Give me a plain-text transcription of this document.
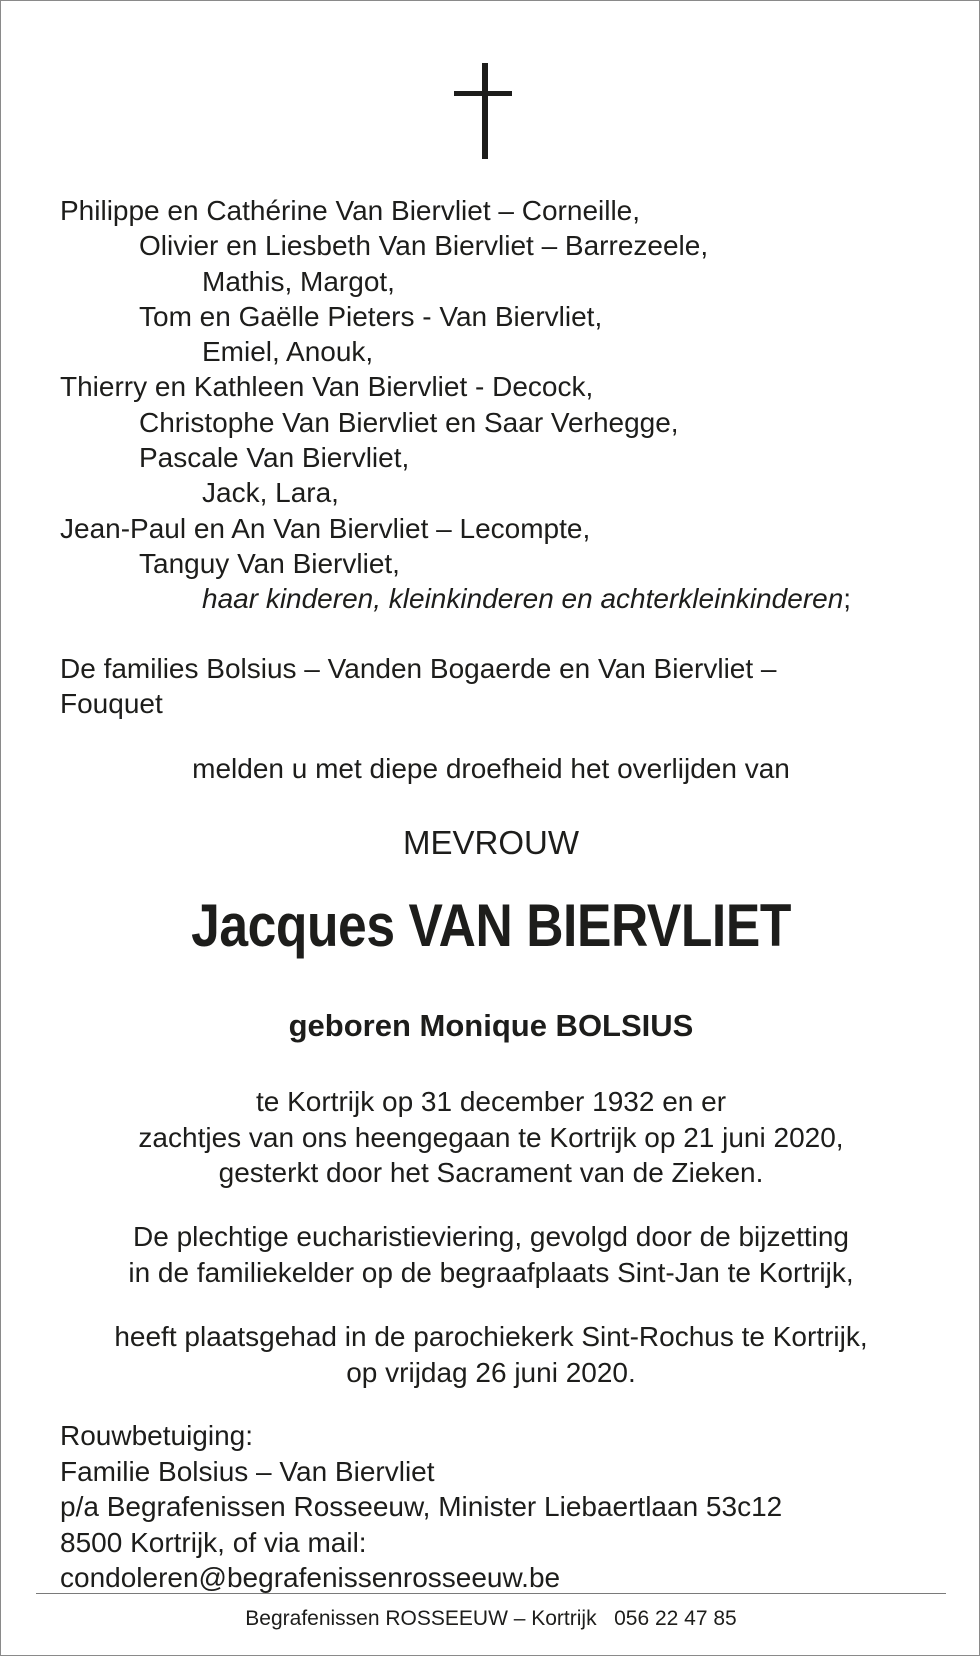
Philippe en Cathérine Van Biervliet – Corneille,
Olivier en Liesbeth Van Biervliet – Barrezeele,
Mathis, Margot,
Tom en Gaëlle Pieters - Van Biervliet,
Emiel, Anouk,
Thierry en Kathleen Van Biervliet - Decock,
Christophe Van Biervliet en Saar Verhegge,
Pascale Van Biervliet,
Jack, Lara,
Jean-Paul en An Van Biervliet – Lecompte,
Tanguy Van Biervliet,
haar kinderen, kleinkinderen en achterkleinkinderen;
De families Bolsius – Vanden Bogaerde en Van Biervliet – Fouquet
melden u met diepe droefheid het overlijden van
MEVROUW
Jacques VAN BIERVLIET
geboren Monique BOLSIUS
te Kortrijk op 31 december 1932 en er
zachtjes van ons heengegaan te Kortrijk op 21 juni 2020,
gesterkt door het Sacrament van de Zieken.
De plechtige eucharistieviering, gevolgd door de bijzetting
in de familiekelder op de begraafplaats Sint-Jan te Kortrijk,
heeft plaatsgehad in de parochiekerk Sint-Rochus te Kortrijk,
op vrijdag 26 juni 2020.
Rouwbetuiging:
Familie Bolsius – Van Biervliet
p/a Begrafenissen Rosseeuw, Minister Liebaertlaan 53c12
8500 Kortrijk, of via mail:
condoleren@begrafenissenrosseeuw.be
Begrafenissen ROSSEEUW – Kortrijk 056 22 47 85
